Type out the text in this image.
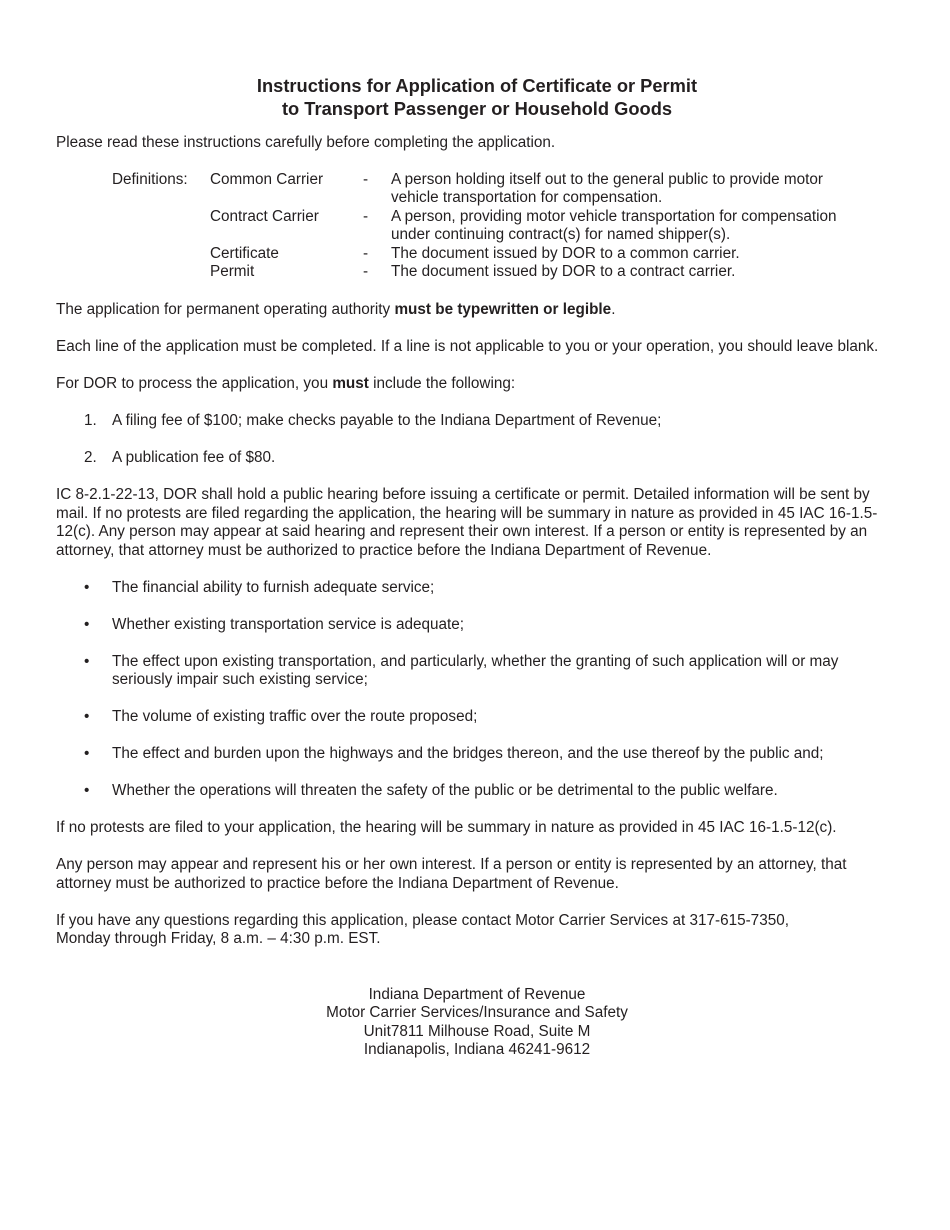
Instructions for Application of Certificate or Permit
to Transport Passenger or Household Goods

Please read these instructions carefully before completing the application.

Definitions: Common Carrier	- A person holding itself out to the general public to provide motor vehicle transportation for compensation.
Contract Carrier	- A person, providing motor vehicle transportation for compensation under continuing contract(s) for named shipper(s).
Certificate	- The document issued by DOR to a common carrier.
Permit	- The document issued by DOR to a contract carrier.

The application for permanent operating authority must be typewritten or legible.

Each line of the application must be completed. If a line is not applicable to you or your operation, you should leave blank.

For DOR to process the application, you must include the following:

1. A filing fee of $100; make checks payable to the Indiana Department of Revenue;
2. A publication fee of $80.

IC 8-2.1-22-13, DOR shall hold a public hearing before issuing a certificate or permit. Detailed information will be sent by mail. If no protests are filed regarding the application, the hearing will be summary in nature as provided in 45 IAC 16-1.5-12(c). Any person may appear at said hearing and represent their own interest. If a person or entity is represented by an attorney, that attorney must be authorized to practice before the Indiana Department of Revenue.

• The financial ability to furnish adequate service;
• Whether existing transportation service is adequate;
• The effect upon existing transportation, and particularly, whether the granting of such application will or may seriously impair such existing service;
• The volume of existing traffic over the route proposed;
• The effect and burden upon the highways and the bridges thereon, and the use thereof by the public and;
• Whether the operations will threaten the safety of the public or be detrimental to the public welfare.

If no protests are filed to your application, the hearing will be summary in nature as provided in 45 IAC 16-1.5-12(c).

Any person may appear and represent his or her own interest. If a person or entity is represented by an attorney, that attorney must be authorized to practice before the Indiana Department of Revenue.

If you have any questions regarding this application, please contact Motor Carrier Services at 317-615-7350,
Monday through Friday, 8 a.m. – 4:30 p.m. EST.

Indiana Department of Revenue
Motor Carrier Services/Insurance and Safety
Unit7811 Milhouse Road, Suite M
Indianapolis, Indiana 46241-9612
